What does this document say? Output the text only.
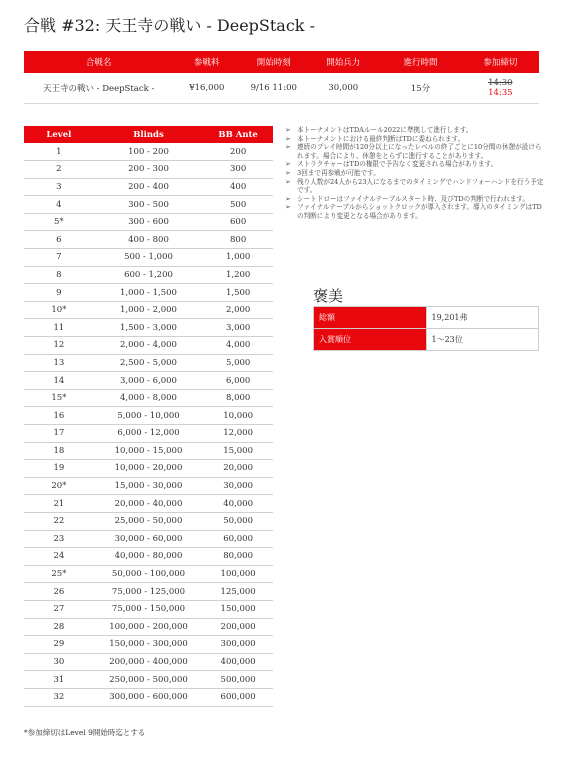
合戦 #32: 天王寺の戦い - DeepStack -
合戦名	参戦料	開始時刻	開始兵力	進行時間	参加締切
天王寺の戦い - DeepStack -	¥16,000	9/16 11:00	30,000	15分	14:30
14:35
Level	Blinds	BB Ante
1	100 - 200	200
2	200 - 300	300
3	200 - 400	400
4	300 - 500	500
5*	300 - 600	600
6	400 - 800	800
7	500 - 1,000	1,000
8	600 - 1,200	1,200
9	1,000 - 1,500	1,500
10*	1,000 - 2,000	2,000
11	1,500 - 3,000	3,000
12	2,000 - 4,000	4,000
13	2,500 - 5,000	5,000
14	3,000 - 6,000	6,000
15*	4,000 - 8,000	8,000
16	5,000 - 10,000	10,000
17	6,000 - 12,000	12,000
18	10,000 - 15,000	15,000
19	10,000 - 20,000	20,000
20*	15,000 - 30,000	30,000
21	20,000 - 40,000	40,000
22	25,000 - 50,000	50,000
23	30,000 - 60,000	60,000
24	40,000 - 80,000	80,000
25*	50,000 - 100,000	100,000
26	75,000 - 125,000	125,000
27	75,000 - 150,000	150,000
28	100,000 - 200,000	200,000
29	150,000 - 300,000	300,000
30	200,000 - 400,000	400,000
31	250,000 - 500,000	500,000
32	300,000 - 600,000	600,000
*参加締切はLevel 9開始時迄とする
➢ 本トーナメントはTDAルール2022に準拠して進行します。
➢ 本トーナメントにおける最終判断はTDに委ねられます。
➢ 連続のプレイ時間が120分以上になったレベルの終了ごとに10分間の休憩が設けられます。場合により、休憩をとらずに進行することがあります。
➢ ストラクチャーはTDの権限で予告なく変更される場合があります。
➢ 3回まで再参戦が可能です。
➢ 残り人数が24人から23人になるまでのタイミングでハンドフォーハンドを行う予定です。
➢ シートドローはファイナルテーブルスタート時、及びTDの判断で行われます。
➢ ファイナルテーブルからショットクロックが導入されます。導入のタイミングはTDの判断により変更となる場合があります。
褒美
総額	19,201弗
入賞順位	1～23位
